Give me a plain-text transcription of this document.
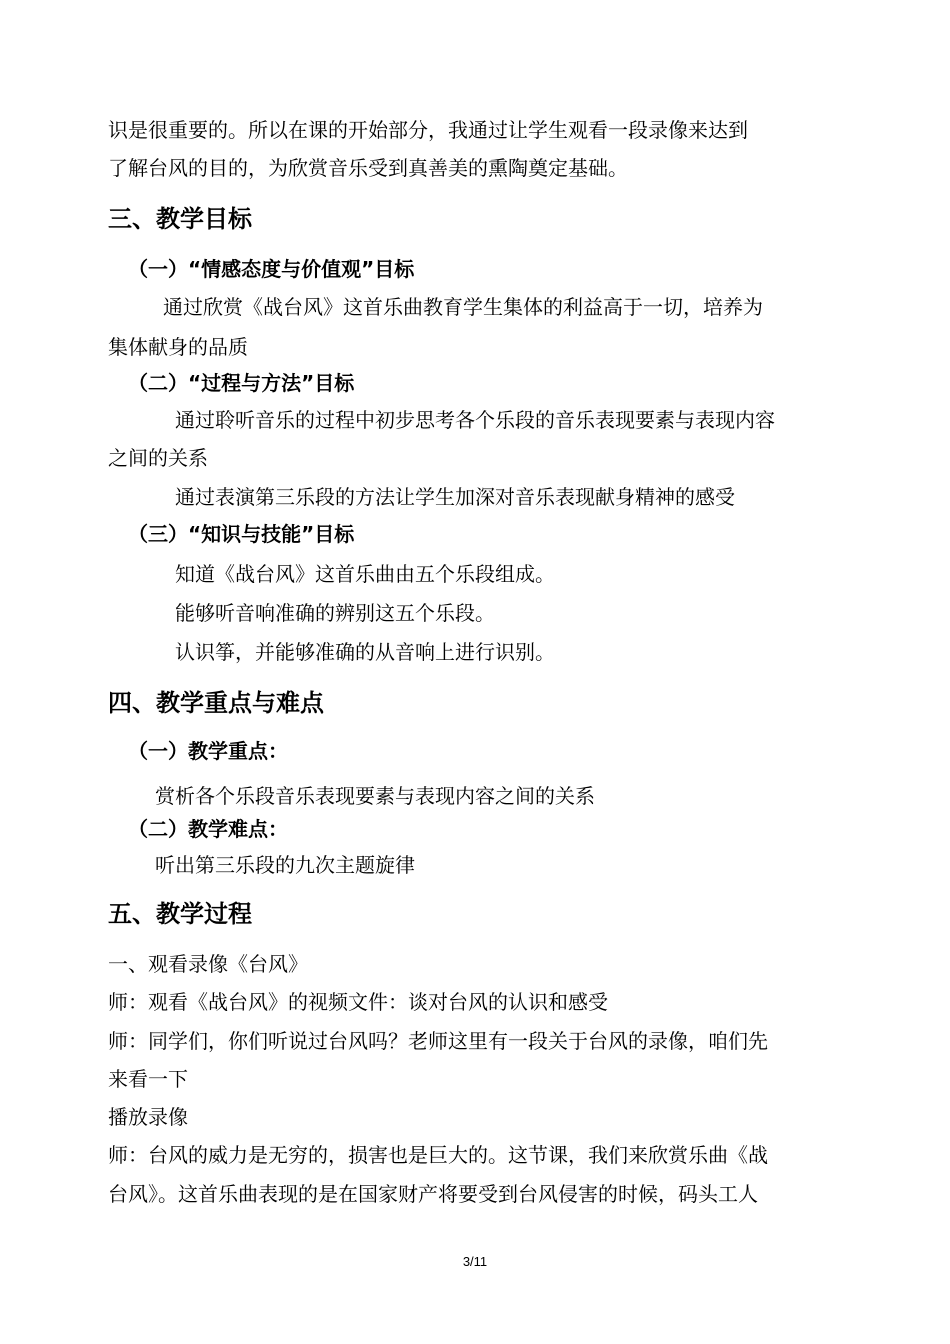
识是很重要的。所以在课的开始部分，我通过让学生观看一段录像来达到
了解台风的目的，为欣赏音乐受到真善美的熏陶奠定基础。
三、教学目标
（一）“情感态度与价值观”目标
通过欣赏《战台风》这首乐曲教育学生集体的利益高于一切，培养为
集体献身的品质
（二）“过程与方法”目标
通过聆听音乐的过程中初步思考各个乐段的音乐表现要素与表现内容
之间的关系
通过表演第三乐段的方法让学生加深对音乐表现献身精神的感受
（三）“知识与技能”目标
知道《战台风》这首乐曲由五个乐段组成。
能够听音响准确的辨别这五个乐段。
认识筝，并能够准确的从音响上进行识别。
四、教学重点与难点
（一）教学重点：
赏析各个乐段音乐表现要素与表现内容之间的关系
（二）教学难点：
听出第三乐段的九次主题旋律
五、教学过程
一、观看录像《台风》
师：观看《战台风》的视频文件：谈对台风的认识和感受
师：同学们，你们听说过台风吗？老师这里有一段关于台风的录像，咱们先
来看一下
播放录像
师：台风的威力是无穷的，损害也是巨大的。这节课，我们来欣赏乐曲《战
台风》。这首乐曲表现的是在国家财产将要受到台风侵害的时候，码头工人
3/11
